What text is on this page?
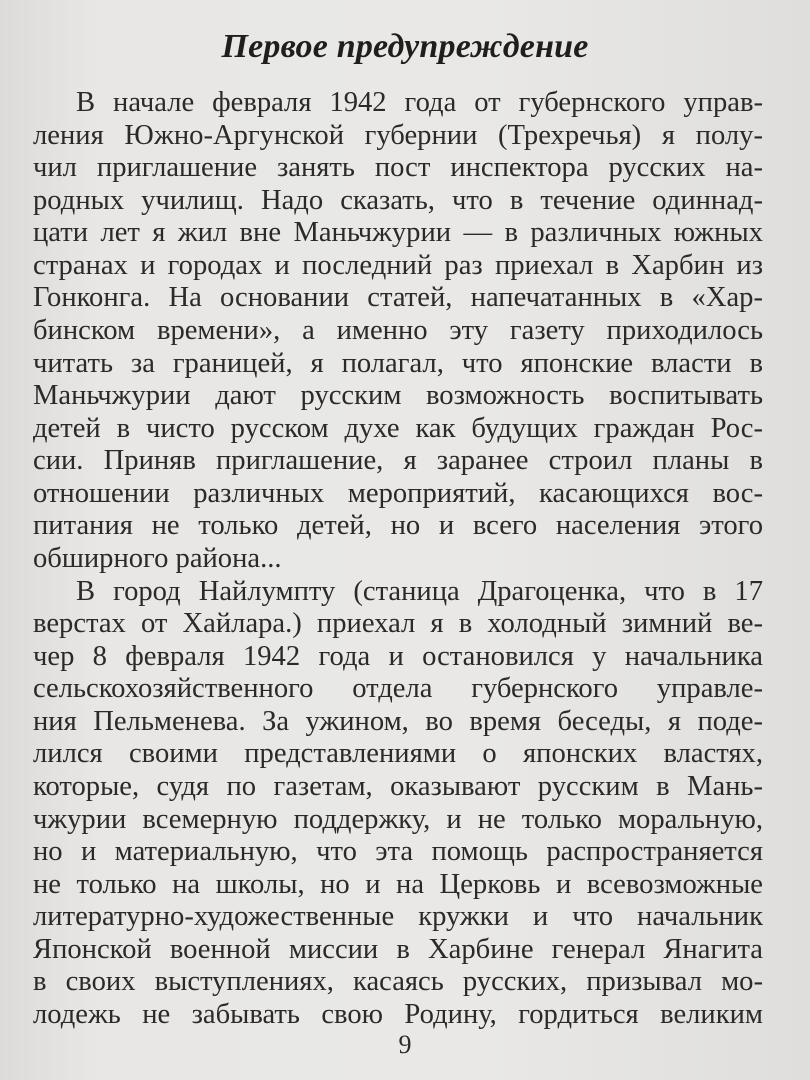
Первое предупреждение
В начале февраля 1942 года от губернского управ-
ления Южно-Аргунской губернии (Трехречья) я полу-
чил приглашение занять пост инспектора русских на-
родных училищ. Надо сказать, что в течение одиннад-
цати лет я жил вне Маньчжурии — в различных южных
странах и городах и последний раз приехал в Харбин из
Гонконга. На основании статей, напечатанных в «Хар-
бинском времени», а именно эту газету приходилось
читать за границей, я полагал, что японские власти в
Маньчжурии дают русским возможность воспитывать
детей в чисто русском духе как будущих граждан Рос-
сии. Приняв приглашение, я заранее строил планы в
отношении различных мероприятий, касающихся вос-
питания не только детей, но и всего населения этого
обширного района...
В город Найлумпту (станица Драгоценка, что в 17
верстах от Хайлара.) приехал я в холодный зимний ве-
чер 8 февраля 1942 года и остановился у начальника
сельскохозяйственного отдела губернского управле-
ния Пельменева. За ужином, во время беседы, я поде-
лился своими представлениями о японских властях,
которые, судя по газетам, оказывают русским в Мань-
чжурии всемерную поддержку, и не только моральную,
но и материальную, что эта помощь распространяется
не только на школы, но и на Церковь и всевозможные
литературно-художественные кружки и что начальник
Японской военной миссии в Харбине генерал Янагита
в своих выступлениях, касаясь русских, призывал мо-
лодежь не забывать свою Родину, гордиться великим
9
